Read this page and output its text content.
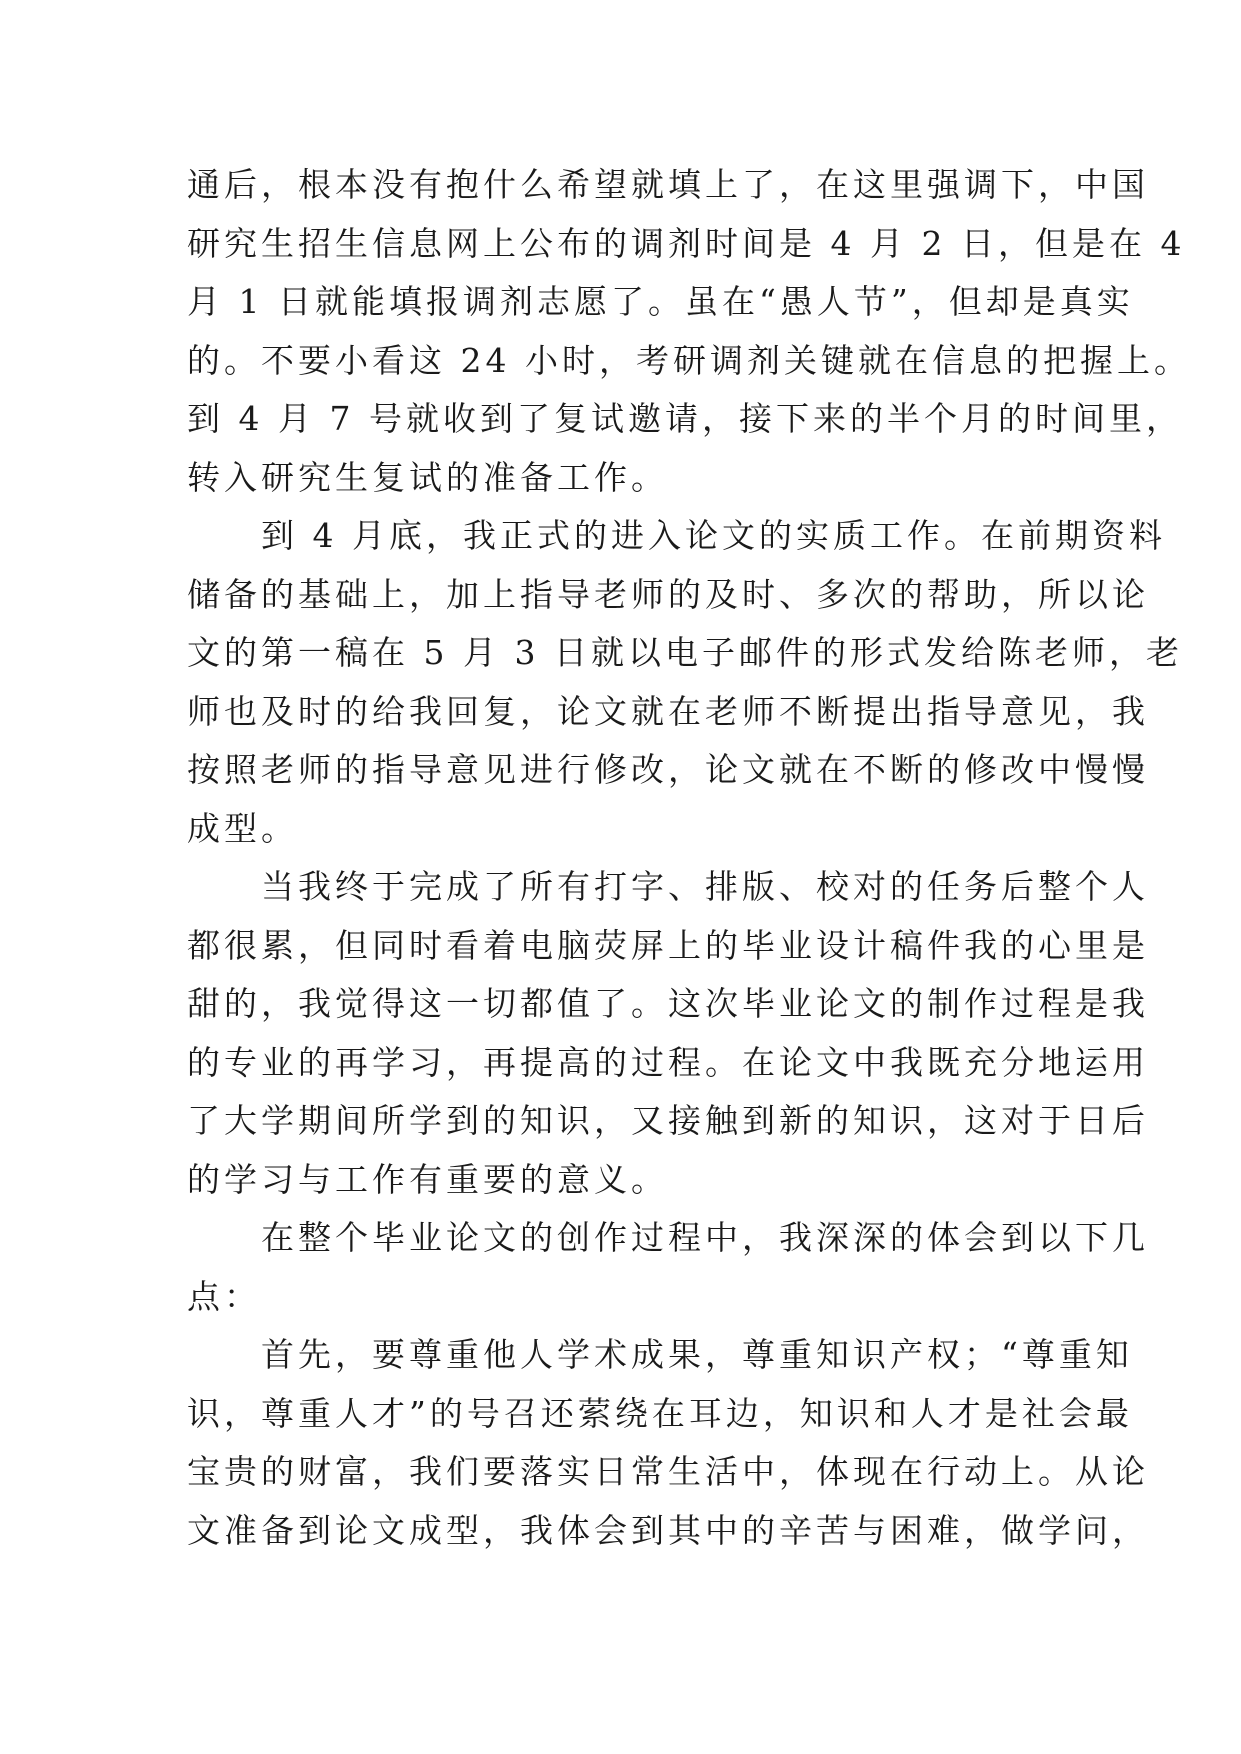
通后，根本没有抱什么希望就填上了，在这里强调下，中国
研究生招生信息网上公布的调剂时间是 4 月 2 日，但是在 4
月 1 日就能填报调剂志愿了。虽在“愚人节”，但却是真实
的。不要小看这 24 小时，考研调剂关键就在信息的把握上。
到 4 月 7 号就收到了复试邀请，接下来的半个月的时间里，
转入研究生复试的准备工作。
　　到 4 月底，我正式的进入论文的实质工作。在前期资料
储备的基础上，加上指导老师的及时、多次的帮助，所以论
文的第一稿在 5 月 3 日就以电子邮件的形式发给陈老师，老
师也及时的给我回复，论文就在老师不断提出指导意见，我
按照老师的指导意见进行修改，论文就在不断的修改中慢慢
成型。
　　当我终于完成了所有打字、排版、校对的任务后整个人
都很累，但同时看着电脑荧屏上的毕业设计稿件我的心里是
甜的，我觉得这一切都值了。这次毕业论文的制作过程是我
的专业的再学习，再提高的过程。在论文中我既充分地运用
了大学期间所学到的知识，又接触到新的知识，这对于日后
的学习与工作有重要的意义。
　　在整个毕业论文的创作过程中，我深深的体会到以下几
点：
　　首先，要尊重他人学术成果，尊重知识产权；“尊重知
识，尊重人才”的号召还萦绕在耳边，知识和人才是社会最
宝贵的财富，我们要落实日常生活中，体现在行动上。从论
文准备到论文成型，我体会到其中的辛苦与困难，做学问，
